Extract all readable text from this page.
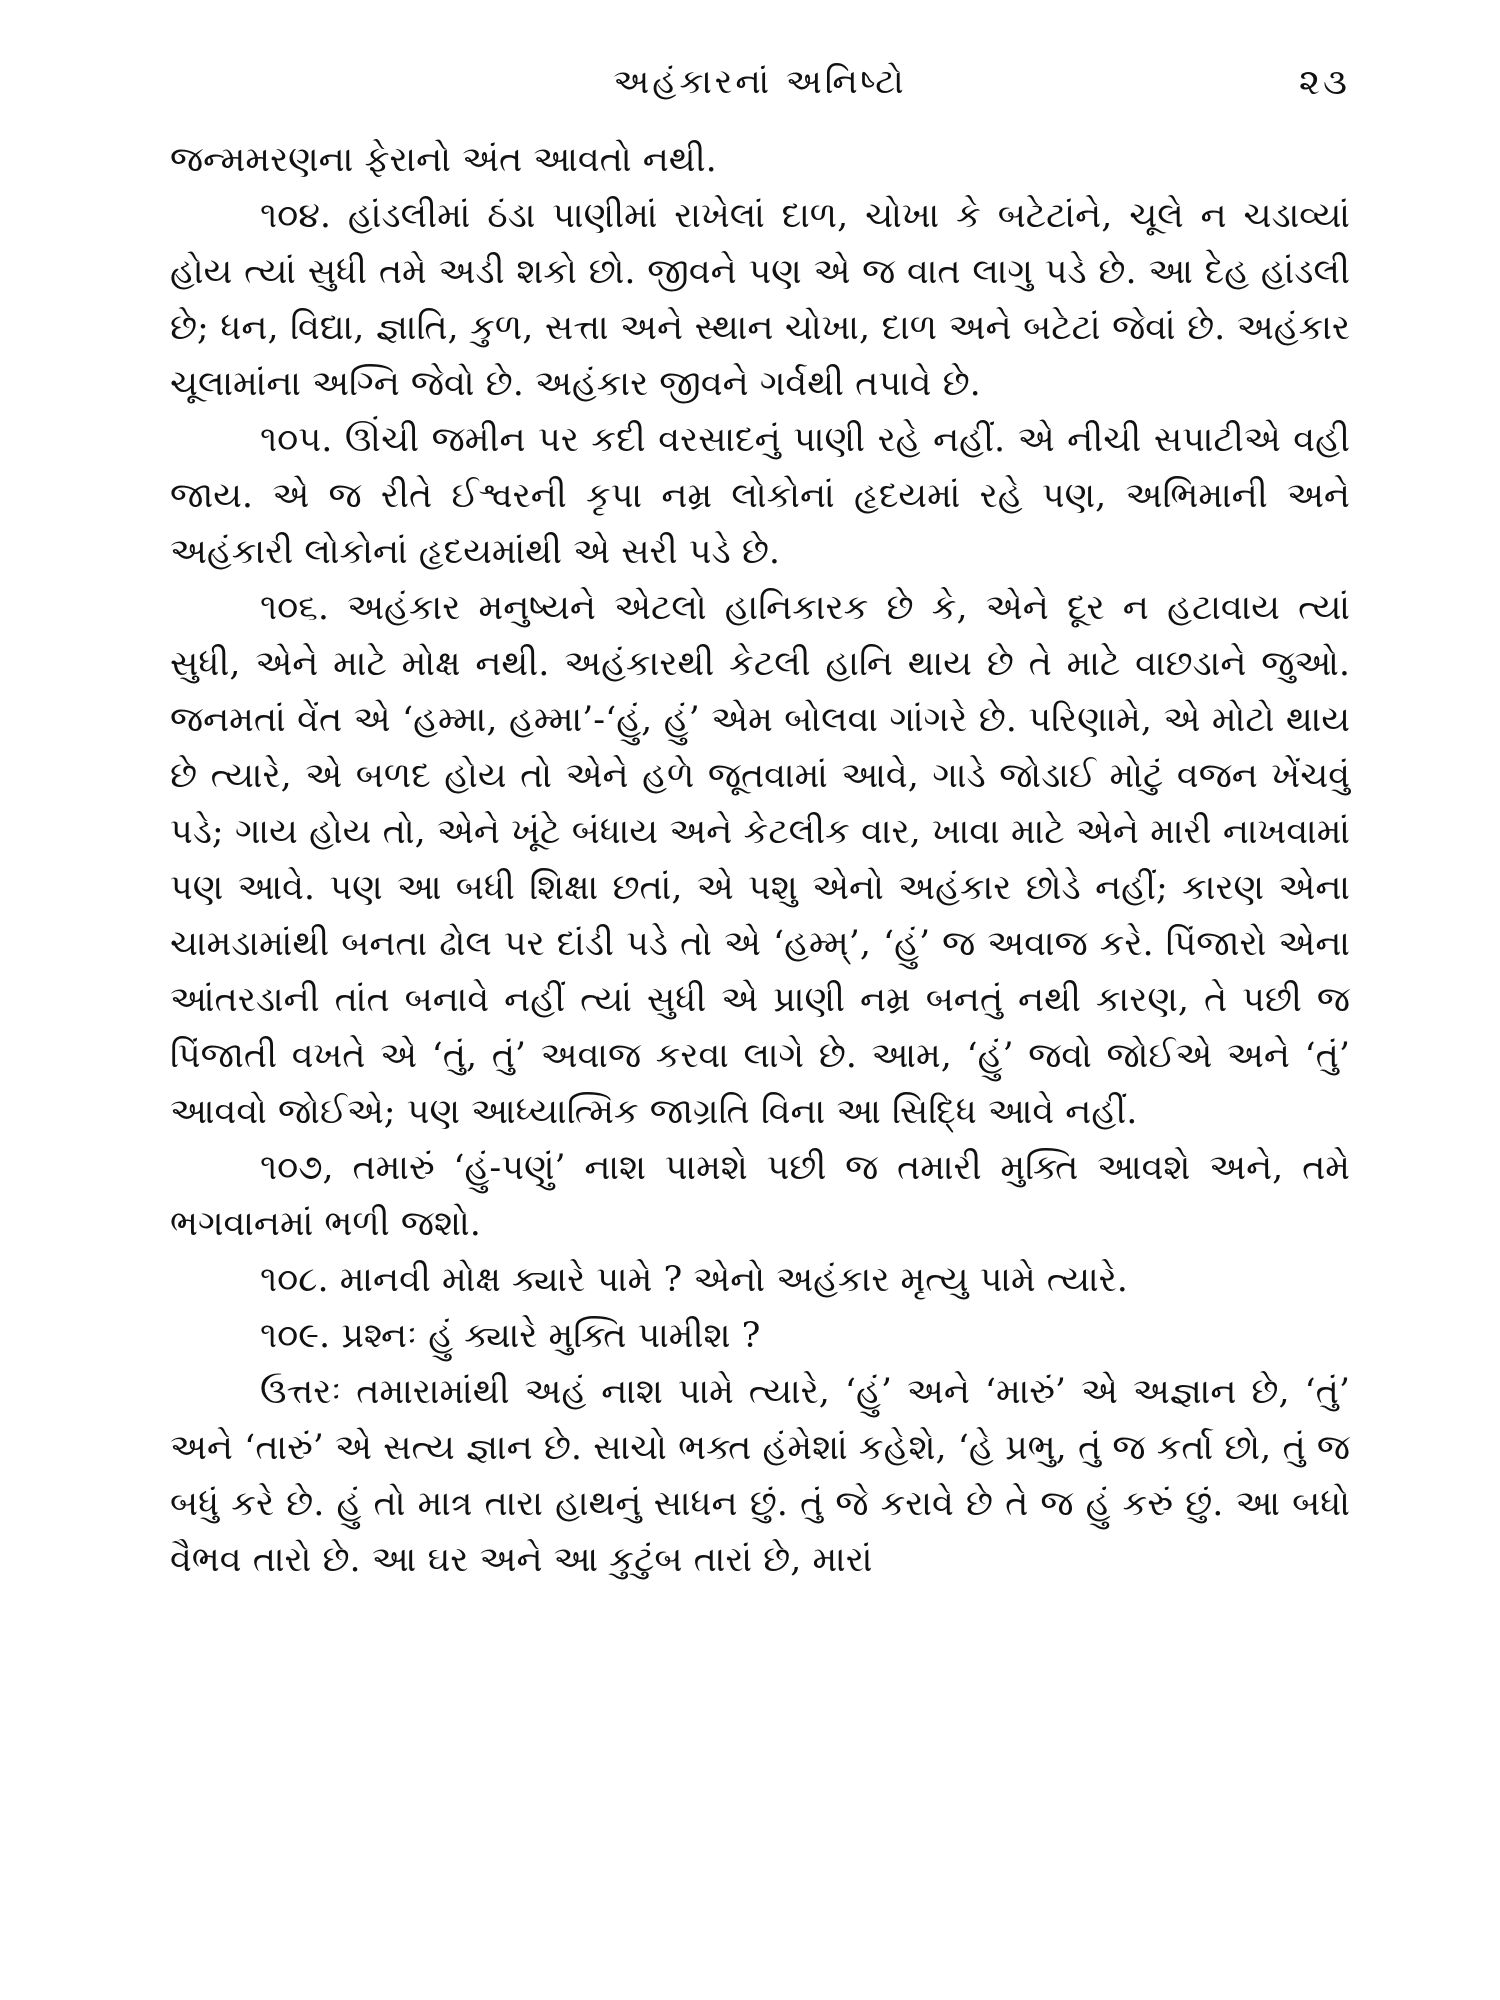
અહંકારનાં અનિષ્ટો	૨૩

જન્મમરણના ફેરાનો અંત આવતો નથી.

૧૦૪. હાંડલીમાં ઠંડા પાણીમાં રાખેલાં દાળ, ચોખા કે બટેટાંને, ચૂલે ન ચડાવ્યાં હોય ત્યાં સુધી તમે અડી શકો છો. જીવને પણ એ જ વાત લાગુ પડે છે. આ દેહ હાંડલી છે; ધન, વિદ્યા, જ્ઞાતિ, કુળ, સત્તા અને સ્થાન ચોખા, દાળ અને બટેટાં જેવાં છે. અહંકાર ચૂલામાંના અગ્નિ જેવો છે. અહંકાર જીવને ગર્વથી તપાવે છે.

૧૦૫. ઊંચી જમીન પર કદી વરસાદનું પાણી રહે નહીં. એ નીચી સપાટીએ વહી જાય. એ જ રીતે ઈશ્વરની કૃપા નમ્ર લોકોનાં હૃદયમાં રહે પણ, અભિમાની અને અહંકારી લોકોનાં હૃદયમાંથી એ સરી પડે છે.

૧૦૬. અહંકાર મનુષ્યને એટલો હાનિકારક છે કે, એને દૂર ન હટાવાય ત્યાં સુધી, એને માટે મોક્ષ નથી. અહંકારથી કેટલી હાનિ થાય છે તે માટે વાછડાને જુઓ. જનમતાં વેંત એ ‘હમ્મા, હમ્મા’-‘હું, હું’ એમ બોલવા ગાંગરે છે. પરિણામે, એ મોટો થાય છે ત્યારે, એ બળદ હોય તો એને હળે જૂતવામાં આવે, ગાડે જોડાઈ મોટું વજન ખેંચવું પડે; ગાય હોય તો, એને ખૂંટે બંધાય અને કેટલીક વાર, ખાવા માટે એને મારી નાખવામાં પણ આવે. પણ આ બધી શિક્ષા છતાં, એ પશુ એનો અહંકાર છોડે નહીં; કારણ એના ચામડામાંથી બનતા ઢોલ પર દાંડી પડે તો એ ‘હમ્મ્’, ‘હું’ જ અવાજ કરે. પિંજારો એના આંતરડાની તાંત બનાવે નહીં ત્યાં સુધી એ પ્રાણી નમ્ર બનતું નથી કારણ, તે પછી જ પિંજાતી વખતે એ ‘તું, તું’ અવાજ કરવા લાગે છે. આમ, ‘હું’ જવો જોઈએ અને ‘તું’ આવવો જોઈએ; પણ આધ્યાત્મિક જાગ્રતિ વિના આ સિદ્ધિ આવે નહીં.

૧૦૭, તમારું ‘હું-પણું’ નાશ પામશે પછી જ તમારી મુક્તિ આવશે અને, તમે ભગવાનમાં ભળી જશો.

૧૦૮. માનવી મોક્ષ ક્યારે પામે ? એનો અહંકાર મૃત્યુ પામે ત્યારે.

૧૦૯. પ્રશ્નઃ હું ક્યારે મુક્તિ પામીશ ?

ઉત્તરઃ તમારામાંથી અહં નાશ પામે ત્યારે, ‘હું’ અને ‘મારું’ એ અજ્ઞાન છે, ‘તું’ અને ‘તારું’ એ સત્ય જ્ઞાન છે. સાચો ભક્ત હંમેશાં કહેશે, ‘હે પ્રભુ, તું જ કર્તા છો, તું જ બધું કરે છે. હું તો માત્ર તારા હાથનું સાધન છું. તું જે કરાવે છે તે જ હું કરું છું. આ બધો વૈભવ તારો છે. આ ઘર અને આ કુટુંબ તારાં છે, મારાં
